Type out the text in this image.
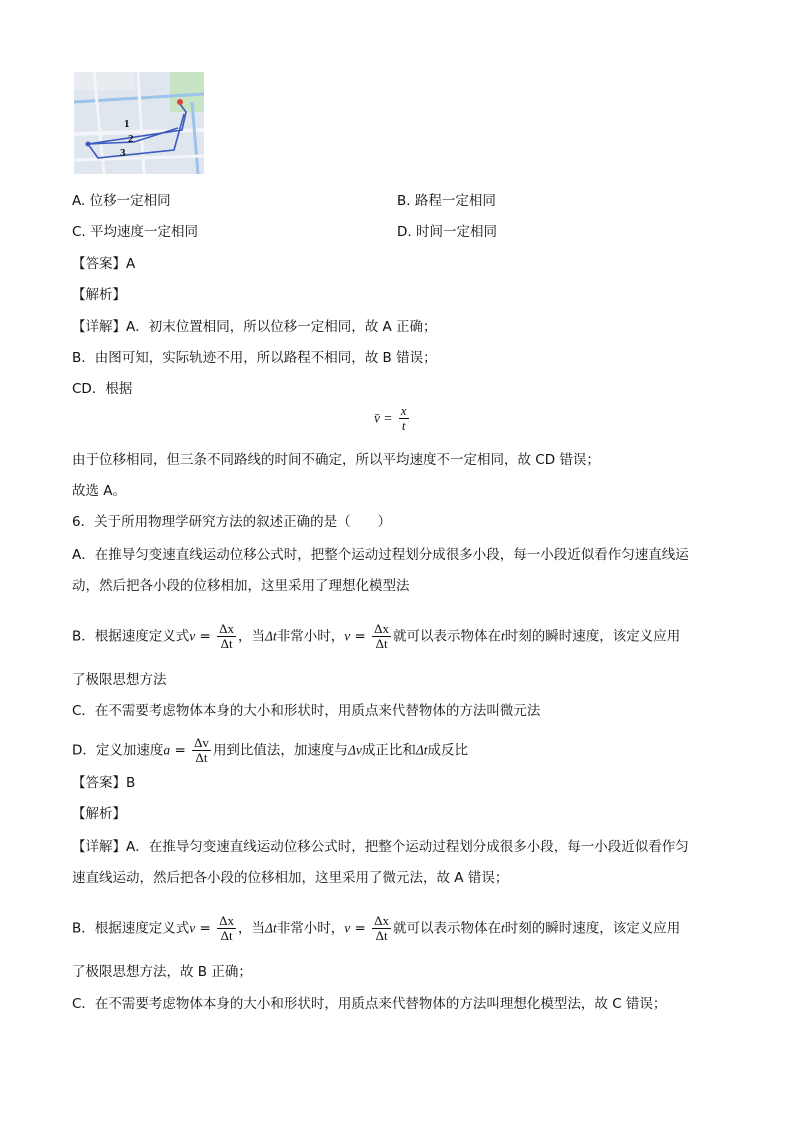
1
2
3
A. 位移一定相同	B. 路程一定相同
C. 平均速度一定相同	D. 时间一定相同
【答案】A
【解析】
【详解】A．初末位置相同，所以位移一定相同，故 A 正确；
B．由图可知，实际轨迹不用，所以路程不相同，故 B 错误；
CD．根据
v̄ = $\frac{x}{t}$
由于位移相同，但三条不同路线的时间不确定，所以平均速度不一定相同，故 CD 错误；
故选 A。
6．关于所用物理学研究方法的叙述正确的是（　　）
A．在推导匀变速直线运动位移公式时，把整个运动过程划分成很多小段，每一小段近似看作匀速直线运
动，然后把各小段的位移相加，这里采用了理想化模型法
B．根据速度定义式$v = \frac{\Delta x}{\Delta t}$ ，当Δt非常小时，$v = \frac{\Delta x}{\Delta t}$ 就可以表示物体在t时刻的瞬时速度，该定义应用
了极限思想方法
C．在不需要考虑物体本身的大小和形状时，用质点来代替物体的方法叫微元法
D．定义加速度$a = \frac{\Delta v}{\Delta t}$ 用到比值法，加速度与Δv成正比和Δt成反比
【答案】B
【解析】
【详解】A．在推导匀变速直线运动位移公式时，把整个运动过程划分成很多小段，每一小段近似看作匀
速直线运动，然后把各小段的位移相加，这里采用了微元法，故 A 错误；
B．根据速度定义式$v = \frac{\Delta x}{\Delta t}$ ，当Δt非常小时，$v = \frac{\Delta x}{\Delta t}$ 就可以表示物体在t时刻的瞬时速度，该定义应用
了极限思想方法，故 B 正确；
C．在不需要考虑物体本身的大小和形状时，用质点来代替物体的方法叫理想化模型法，故 C 错误；
